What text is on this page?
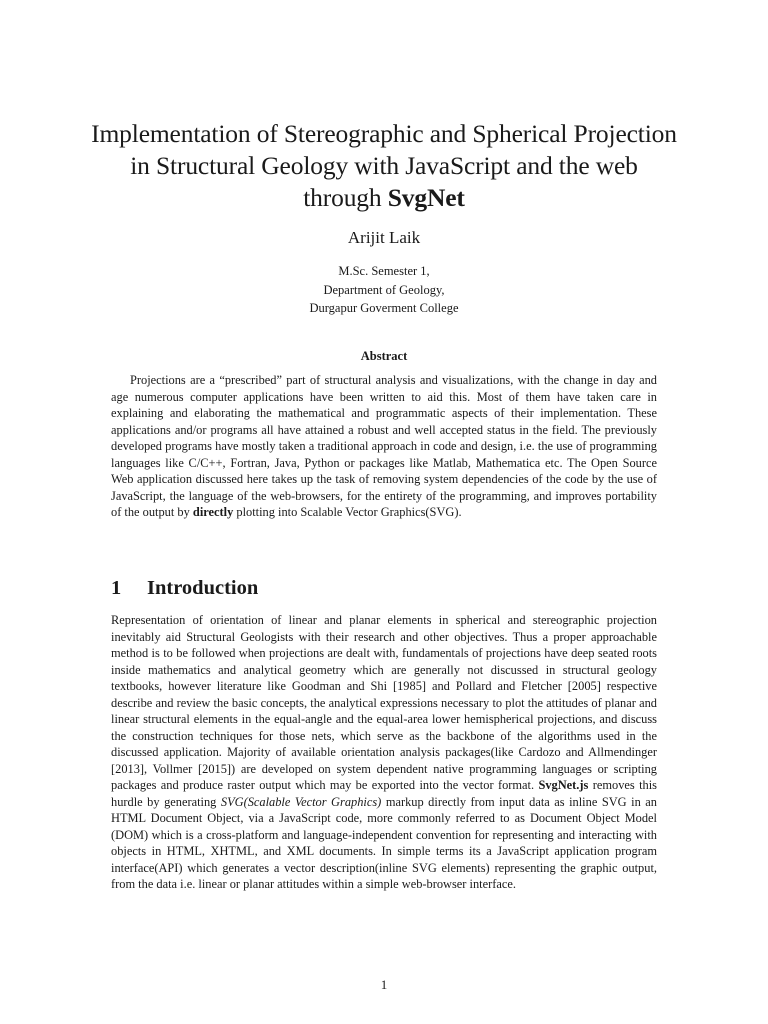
Implementation of Stereographic and Spherical Projection
in Structural Geology with JavaScript and the web
through SvgNet
Arijit Laik
M.Sc. Semester 1,
Department of Geology,
Durgapur Goverment College
Abstract
Projections are a “prescribed” part of structural analysis and visualizations, with the change in day and age numerous computer applications have been written to aid this. Most of them have taken care in explaining and elaborating the mathematical and programmatic aspects of their implementation. These applications and/or programs all have attained a robust and well accepted status in the field. The previously developed programs have mostly taken a traditional approach in code and design, i.e. the use of programming languages like C/C++, Fortran, Java, Python or packages like Matlab, Mathematica etc. The Open Source Web application discussed here takes up the task of removing system dependencies of the code by the use of JavaScript, the language of the web-browsers, for the entirety of the programming, and improves portability of the output by directly plotting into Scalable Vector Graphics(SVG).
1 Introduction
Representation of orientation of linear and planar elements in spherical and stereographic projection inevitably aid Structural Geologists with their research and other objectives. Thus a proper approachable method is to be followed when projections are dealt with, fundamentals of projections have deep seated roots inside mathematics and analytical geometry which are generally not discussed in structural geology textbooks, however literature like Goodman and Shi [1985] and Pollard and Fletcher [2005] respective describe and review the basic concepts, the analytical expressions necessary to plot the attitudes of planar and linear structural elements in the equal-angle and the equal-area lower hemispherical projections, and discuss the construction techniques for those nets, which serve as the backbone of the algorithms used in the discussed application. Majority of available orientation analysis packages(like Cardozo and Allmendinger [2013], Vollmer [2015]) are developed on system dependent native programming languages or scripting packages and produce raster output which may be exported into the vector format. SvgNet.js removes this hurdle by generating SVG(Scalable Vector Graphics) markup directly from input data as inline SVG in an HTML Document Object, via a JavaScript code, more commonly referred to as Document Object Model (DOM) which is a cross-platform and language-independent convention for representing and interacting with objects in HTML, XHTML, and XML documents. In simple terms its a JavaScript application program interface(API) which generates a vector description(inline SVG elements) representing the graphic output, from the data i.e. linear or planar attitudes within a simple web-browser interface.
1
